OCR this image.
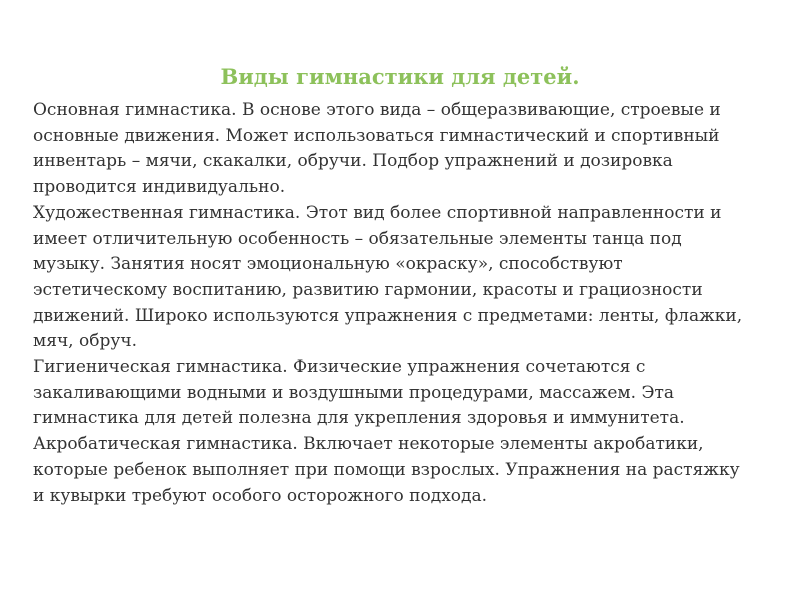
Виды гимнастики для детей.
Основная гимнастика. В основе этого вида – общеразвивающие, строевые и
основные движения. Может использоваться гимнастический и спортивный
инвентарь – мячи, скакалки, обручи. Подбор упражнений и дозировка
проводится индивидуально.
Художественная гимнастика. Этот вид более спортивной направленности и
имеет отличительную особенность – обязательные элементы танца под
музыку. Занятия носят эмоциональную «окраску», способствуют
эстетическому воспитанию, развитию гармонии, красоты и грациозности
движений. Широко используются упражнения с предметами: ленты, флажки,
мяч, обруч.
Гигиеническая гимнастика. Физические упражнения сочетаются с
закаливающими водными и воздушными процедурами, массажем. Эта
гимнастика для детей полезна для укрепления здоровья и иммунитета.
Акробатическая гимнастика. Включает некоторые элементы акробатики,
которые ребенок выполняет при помощи взрослых. Упражнения на растяжку
и кувырки требуют особого осторожного подхода.
